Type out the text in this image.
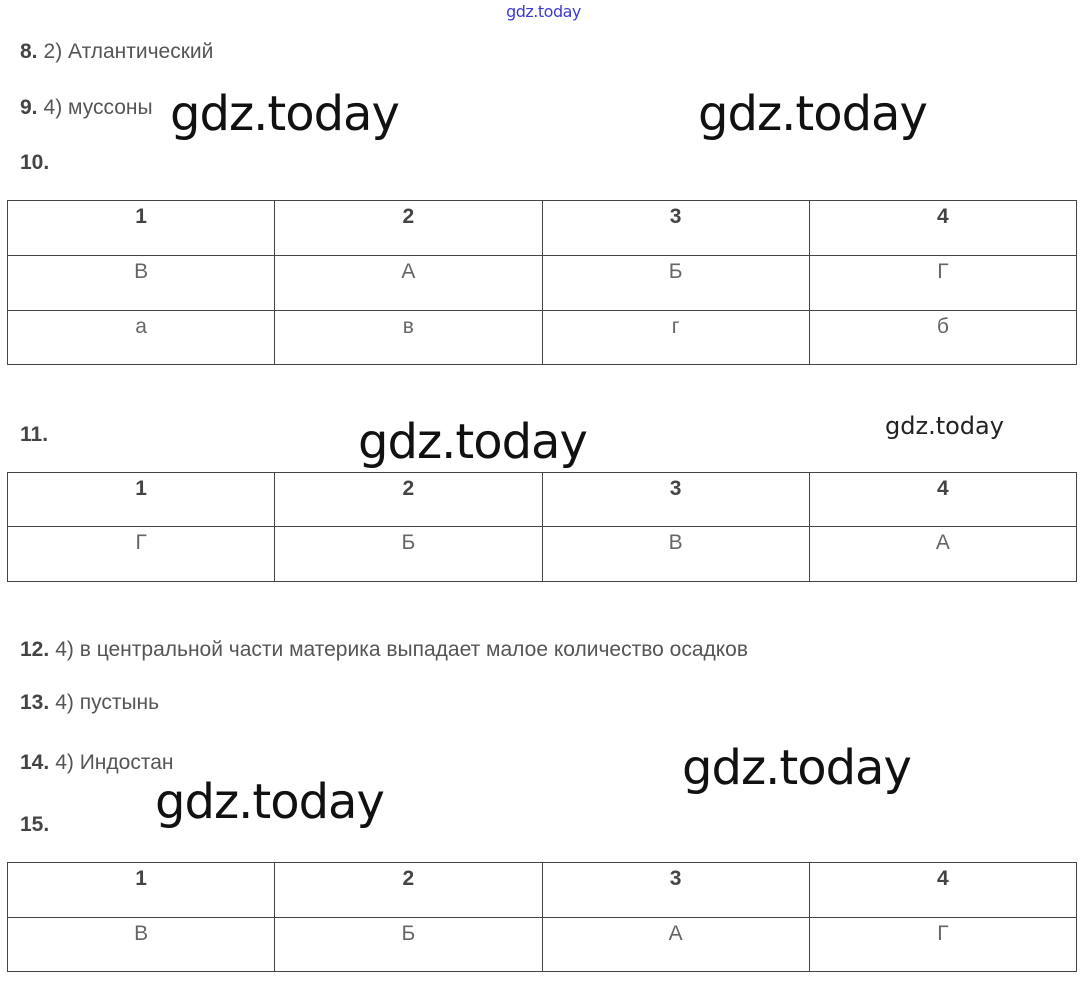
gdz.today
8. 2) Атлантический
9. 4) муссоны
10.
1	2	3	4
В	А	Б	Г
а	в	г	б
11.
1	2	3	4
Г	Б	В	А
12. 4) в центральной части материка выпадает малое количество осадков
13. 4) пустынь
14. 4) Индостан
15.
1	2	3	4
В	Б	А	Г
gdz.today	gdz.today
gdz.today	gdz.today
gdz.today
gdz.today
